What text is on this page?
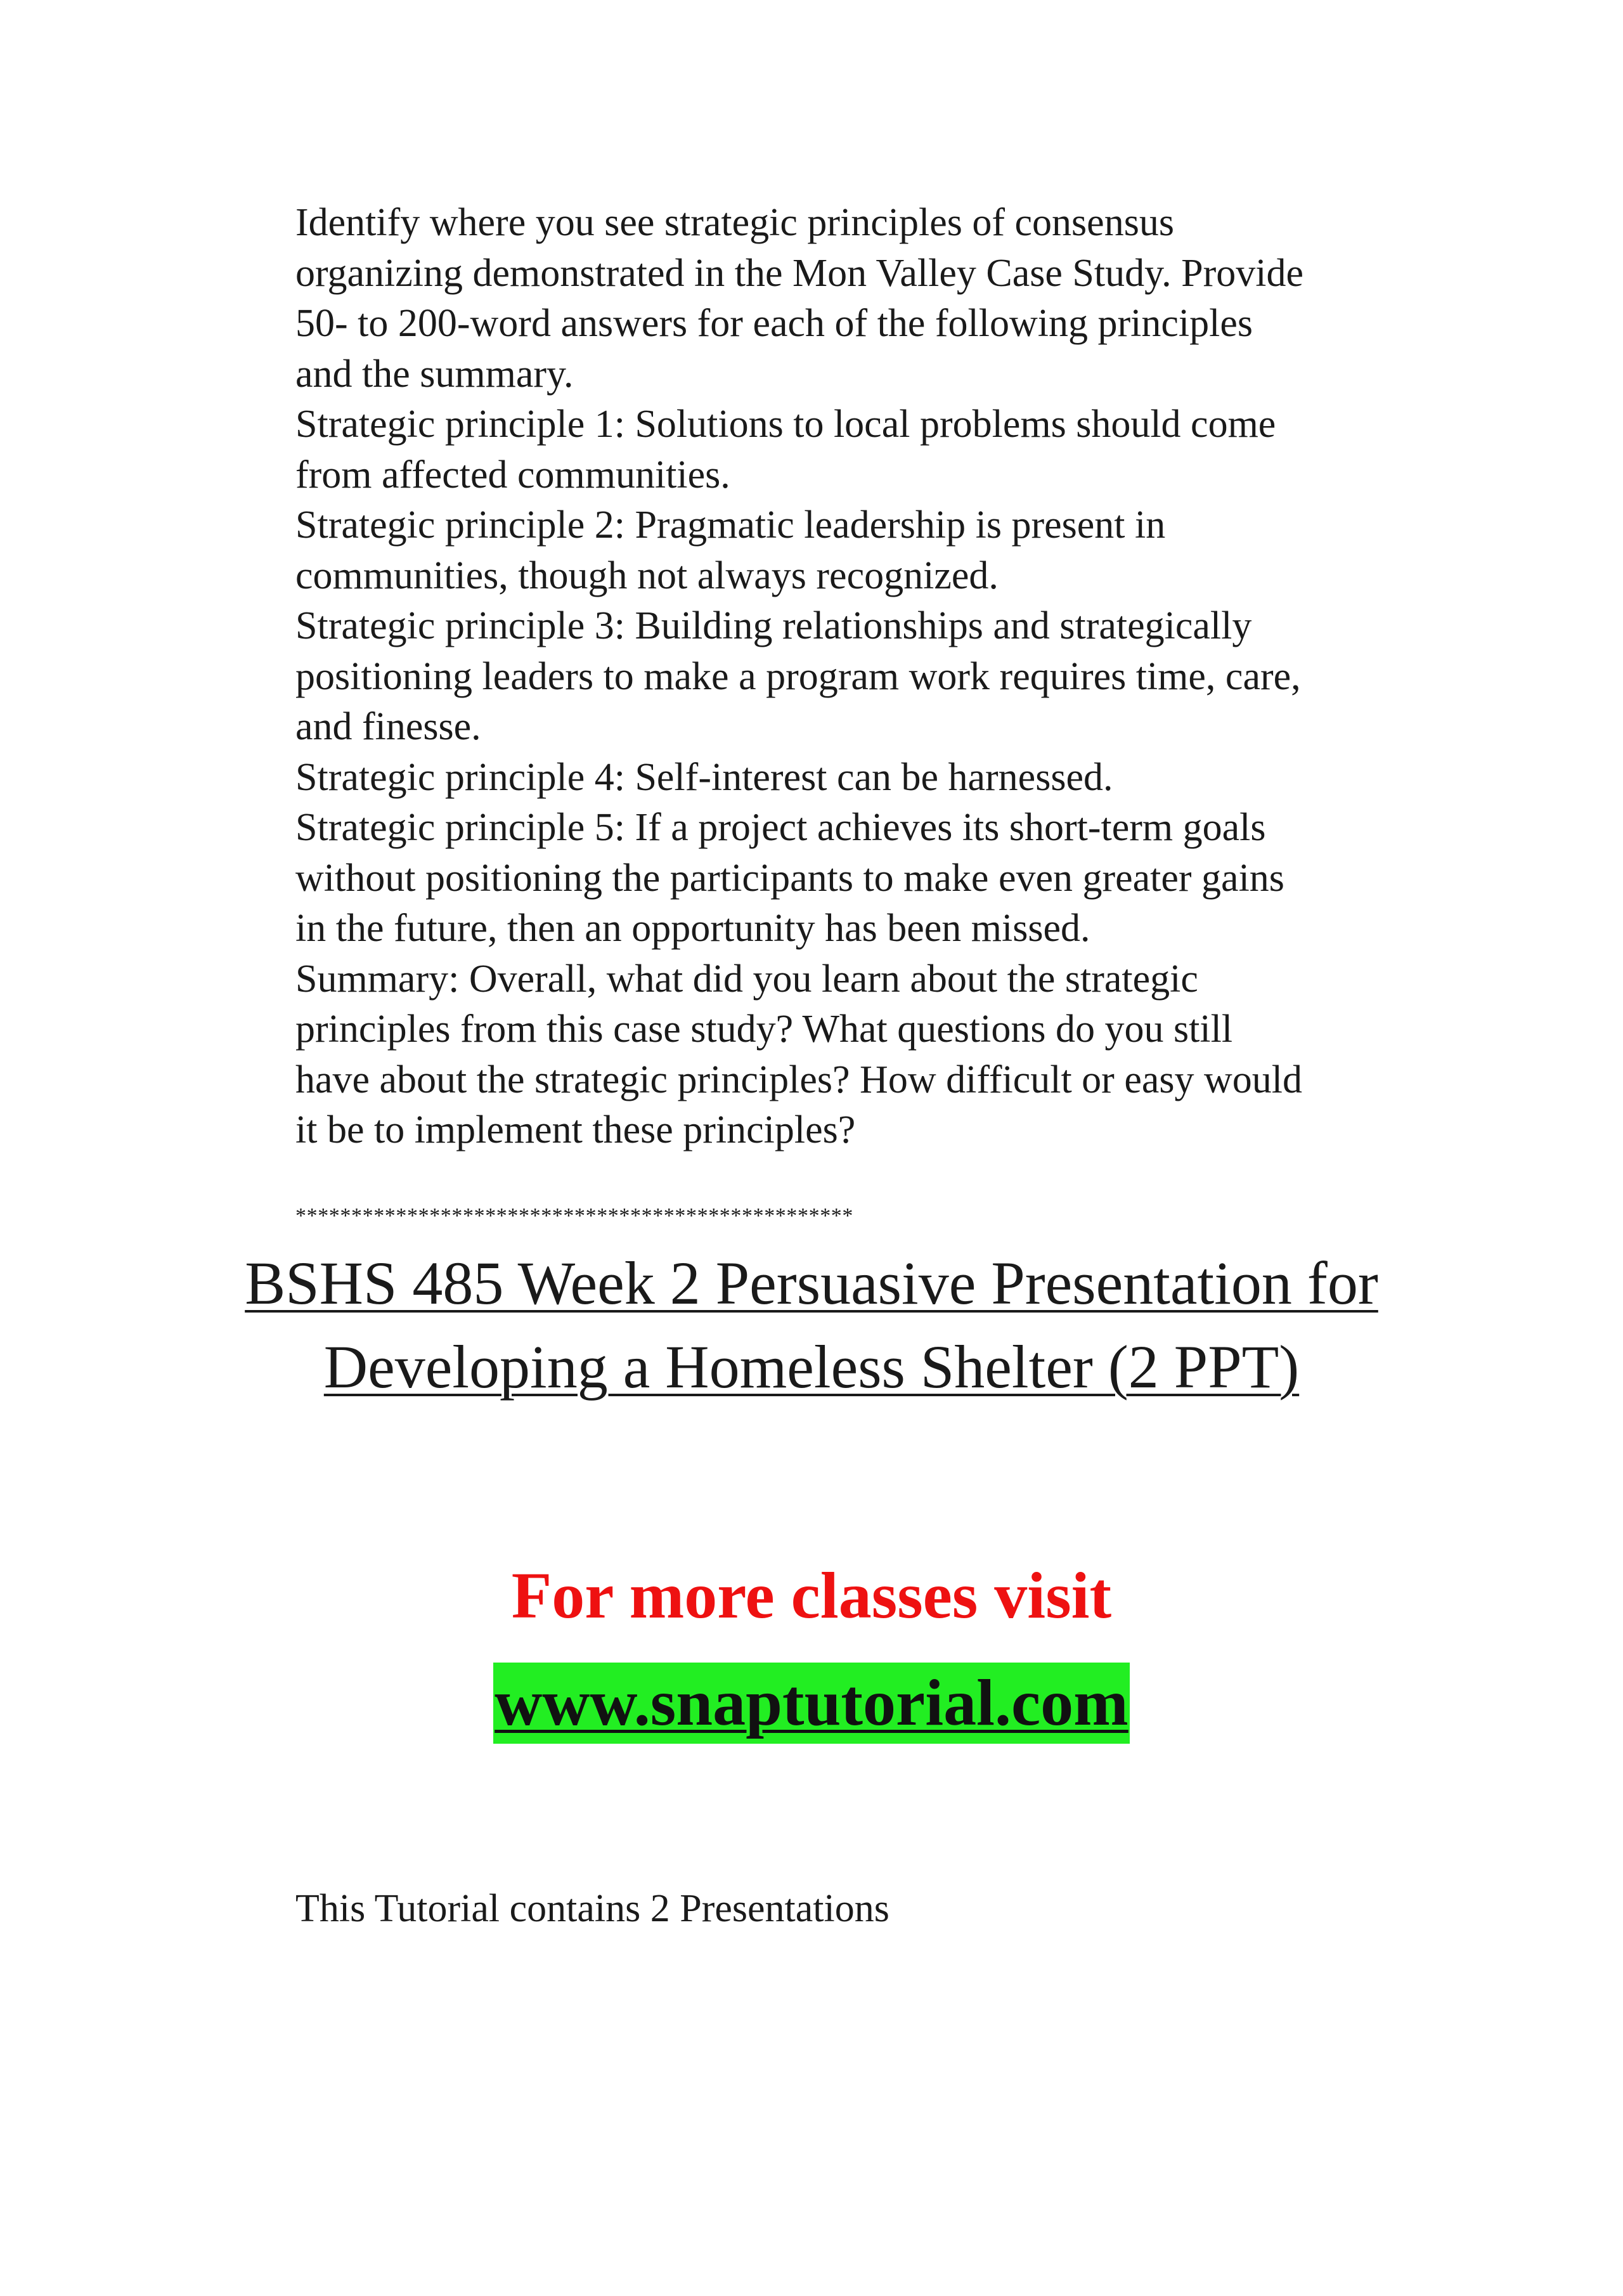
Identify where you see strategic principles of consensus
organizing demonstrated in the Mon Valley Case Study. Provide
50- to 200-word answers for each of the following principles
and the summary.
Strategic principle 1: Solutions to local problems should come
from affected communities.
Strategic principle 2: Pragmatic leadership is present in
communities, though not always recognized.
Strategic principle 3: Building relationships and strategically
positioning leaders to make a program work requires time, care,
and finesse.
Strategic principle 4: Self-interest can be harnessed.
Strategic principle 5: If a project achieves its short-term goals
without positioning the participants to make even greater gains
in the future, then an opportunity has been missed.
Summary: Overall, what did you learn about the strategic
principles from this case study? What questions do you still
have about the strategic principles? How difficult or easy would
it be to implement these principles?

**************************************************

BSHS 485 Week 2 Persuasive Presentation for
Developing a Homeless Shelter (2 PPT)

For more classes visit

www.snaptutorial.com

This Tutorial contains 2 Presentations
